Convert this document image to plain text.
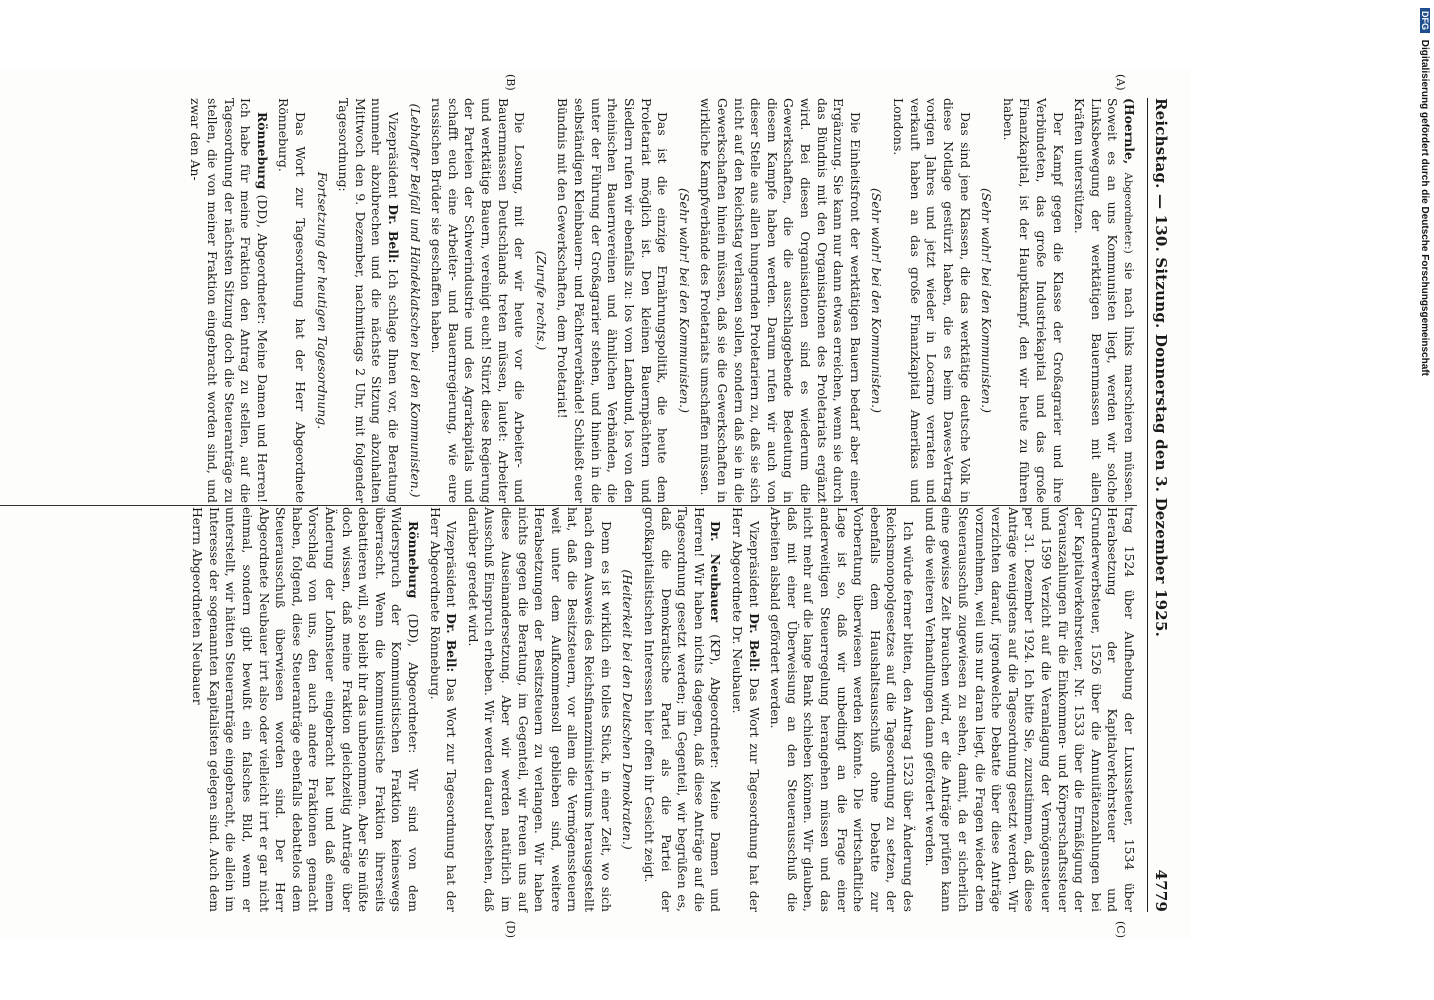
Reichstag. — 130. Sitzung. Donnerstag den 3. Dezember 1925.
4779

(Hoernle, Abgeordneter:) sie nach links marschieren müssen. Soweit es an uns Kommunisten liegt, werden wir solche Linksbewegung der werktätigen Bauernmassen mit allen Kräften unterstützen.

Der Kampf gegen die Klasse der Großagrarier und ihre Verbündeten, das große Industriekapital und das große Finanzkapital, ist der Hauptkampf, den wir heute zu führen haben.

(Sehr wahr! bei den Kommunisten.)

Das sind jene Klassen, die das werktätige deutsche Volk in diese Notlage gestürzt haben, die es beim Dawes-Vertrag vorigen Jahres und jetzt wieder in Locarno verraten und verkauft haben an das große Finanzkapital Amerikas und Londons.

(Sehr wahr! bei den Kommunisten.)

Die Einheitsfront der werktätigen Bauern bedarf aber einer Ergänzung. Sie kann nur dann etwas erreichen, wenn sie durch das Bündnis mit den Organisationen des Proletariats ergänzt wird. Bei diesen Organisationen sind es wiederum die Gewerkschaften, die die ausschlaggebende Bedeutung in diesem Kampfe haben werden. Darum rufen wir auch von dieser Stelle aus allen hungernden Proletariern zu, daß sie sich nicht auf den Reichstag verlassen sollen, sondern daß sie in die Gewerkschaften hinein müssen, daß sie die Gewerkschaften in wirkliche Kampfverbände des Proletariats umschaffen müssen.

(Sehr wahr! bei den Kommunisten.)

Das ist die einzige Ernährungspolitik, die heute dem Proletariat möglich ist. Den kleinen Bauernpächtern und Siedlern rufen wir ebenfalls zu: los vom Landbund, los von den rheinischen Bauernvereinen und ähnlichen Verbänden, die unter der Führung der Großagrarier stehen, und hinein in die selbständigen Kleinbauern- und Pächterverbände! Schließt euer Bündnis mit den Gewerkschaften, dem Proletariat!

(Zurufe rechts.)

Die Losung, mit der wir heute vor die Arbeiter- und Bauernmassen Deutschlands treten müssen, lautet: Arbeiter und werktätige Bauern, vereinigt euch! Stürzt diese Regierung der Parteien der Schwerindustrie und des Agrarkapitals und schafft euch eine Arbeiter- und Bauernregierung, wie eure russischen Brüder sie geschaffen haben.

(Lebhafter Beifall und Händeklatschen bei den Kommunisten.)

Vizepräsident Dr. Bell: Ich schlage Ihnen vor, die Beratung nunmehr abzubrechen und die nächste Sitzung abzuhalten Mittwoch den 9. Dezember, nachmittags 2 Uhr, mit folgender Tagesordnung:

Fortsetzung der heutigen Tagesordnung.

Das Wort zur Tagesordnung hat der Herr Abgeordnete Rönneburg.

Rönneburg (DD), Abgeordneter: Meine Damen und Herren! Ich habe für meine Fraktion den Antrag zu stellen, auf die Tagesordnung der nächsten Sitzung doch die Steueranträge zu stellen, die von meiner Fraktion eingebracht worden sind, und zwar den An-

trag 1524 über Aufhebung der Luxussteuer, 1534 über Herabsetzung der Kapitalverkehrsteuer und Grunderwerbsteuer, 1526 über die Annuitätenzahlungen bei der Kapitalverkehrsteuer, Nr. 1533 über die Ermäßigung der Vorauszahlungen für die Einkommen- und Körperschaftssteuer und 1599 Verzicht auf die Veranlagung der Vermögenssteuer per 31. Dezember 1924. Ich bitte Sie, zuzustimmen, daß diese Anträge wenigstens auf die Tagesordnung gesetzt werden. Wir verzichten darauf, irgendwelche Debatte über diese Anträge vorzunehmen, weil uns nur daran liegt, die Fragen wieder dem Steuerausschuß zugewiesen zu sehen, damit, da er sicherlich eine gewisse Zeit brauchen wird, er die Anträge prüfen kann und die weiteren Verhandlungen dann gefördert werden.

Ich würde ferner bitten, den Antrag 1523 über Änderung des Reichsmonopolgesetzes auf die Tagesordnung zu setzen, der ebenfalls dem Haushaltsausschuß ohne Debatte zur Vorberatung überwiesen werden könnte. Die wirtschaftliche Lage ist so, daß wir unbedingt an die Frage einer anderweitigen Steuerregelung herangehen müssen und das nicht mehr auf die lange Bank schieben können. Wir glauben, daß mit einer Überweisung an den Steuerausschuß die Arbeiten alsbald gefördert werden.

Vizepräsident Dr. Bell: Das Wort zur Tagesordnung hat der Herr Abgeordnete Dr. Neubauer.

Dr. Neubauer (KP), Abgeordneter: Meine Damen und Herren! Wir haben nichts dagegen, daß diese Anträge auf die Tagesordnung gesetzt werden; im Gegenteil, wir begrüßen es, daß die Demokratische Partei als die Partei der großkapitalistischen Interessen hier offen ihr Gesicht zeigt.

(Heiterkeit bei den Deutschen Demokraten.)

Denn es ist wirklich ein tolles Stück, in einer Zeit, wo sich nach dem Ausweis des Reichsfinanzministeriums herausgestellt hat, daß die Besitzsteuern, vor allem die Vermögenssteuern weit unter dem Aufkommensoll geblieben sind, weitere Herabsetzungen der Besitzsteuern zu verlangen. Wir haben nichts gegen die Beratung, im Gegenteil, wir freuen uns auf diese Auseinandersetzung. Aber wir werden natürlich im Ausschuß Einspruch erheben. Wir werden darauf bestehen, daß darüber geredet wird.

Vizepräsident Dr. Bell: Das Wort zur Tagesordnung hat der Herr Abgeordnete Rönneburg.

Rönneburg (DD), Abgeordneter: Wir sind von dem Widerspruch der Kommunistischen Fraktion keineswegs überrascht. Wenn die kommunistische Fraktion ihrerseits debattieren will, so bleibt ihr das unbenommen. Aber Sie müßte doch wissen, daß meine Fraktion gleichzeitig Anträge über Änderung der Lohnsteuer eingebracht hat und daß einem Vorschlag von uns, den auch andere Fraktionen gemacht haben, folgend, diese Steueranträge ebenfalls debattelos dem Steuerausschuß überwiesen worden sind. Der Herr Abgeordnete Neubauer irrt also oder vielleicht irrt er gar nicht einmal, sondern gibt bewußt ein falsches Bild, wenn er unterstellt, wir hätten Steueranträge eingebracht, die allein im Interesse der sogenannten Kapitalisten gelegen sind. Auch dem Herrn Abgeordneten Neubauer

(A)
(B)
(C)
(D)
DFG Digitalisierung gefördert durch die Deutsche Forschungsgemeinschaft
